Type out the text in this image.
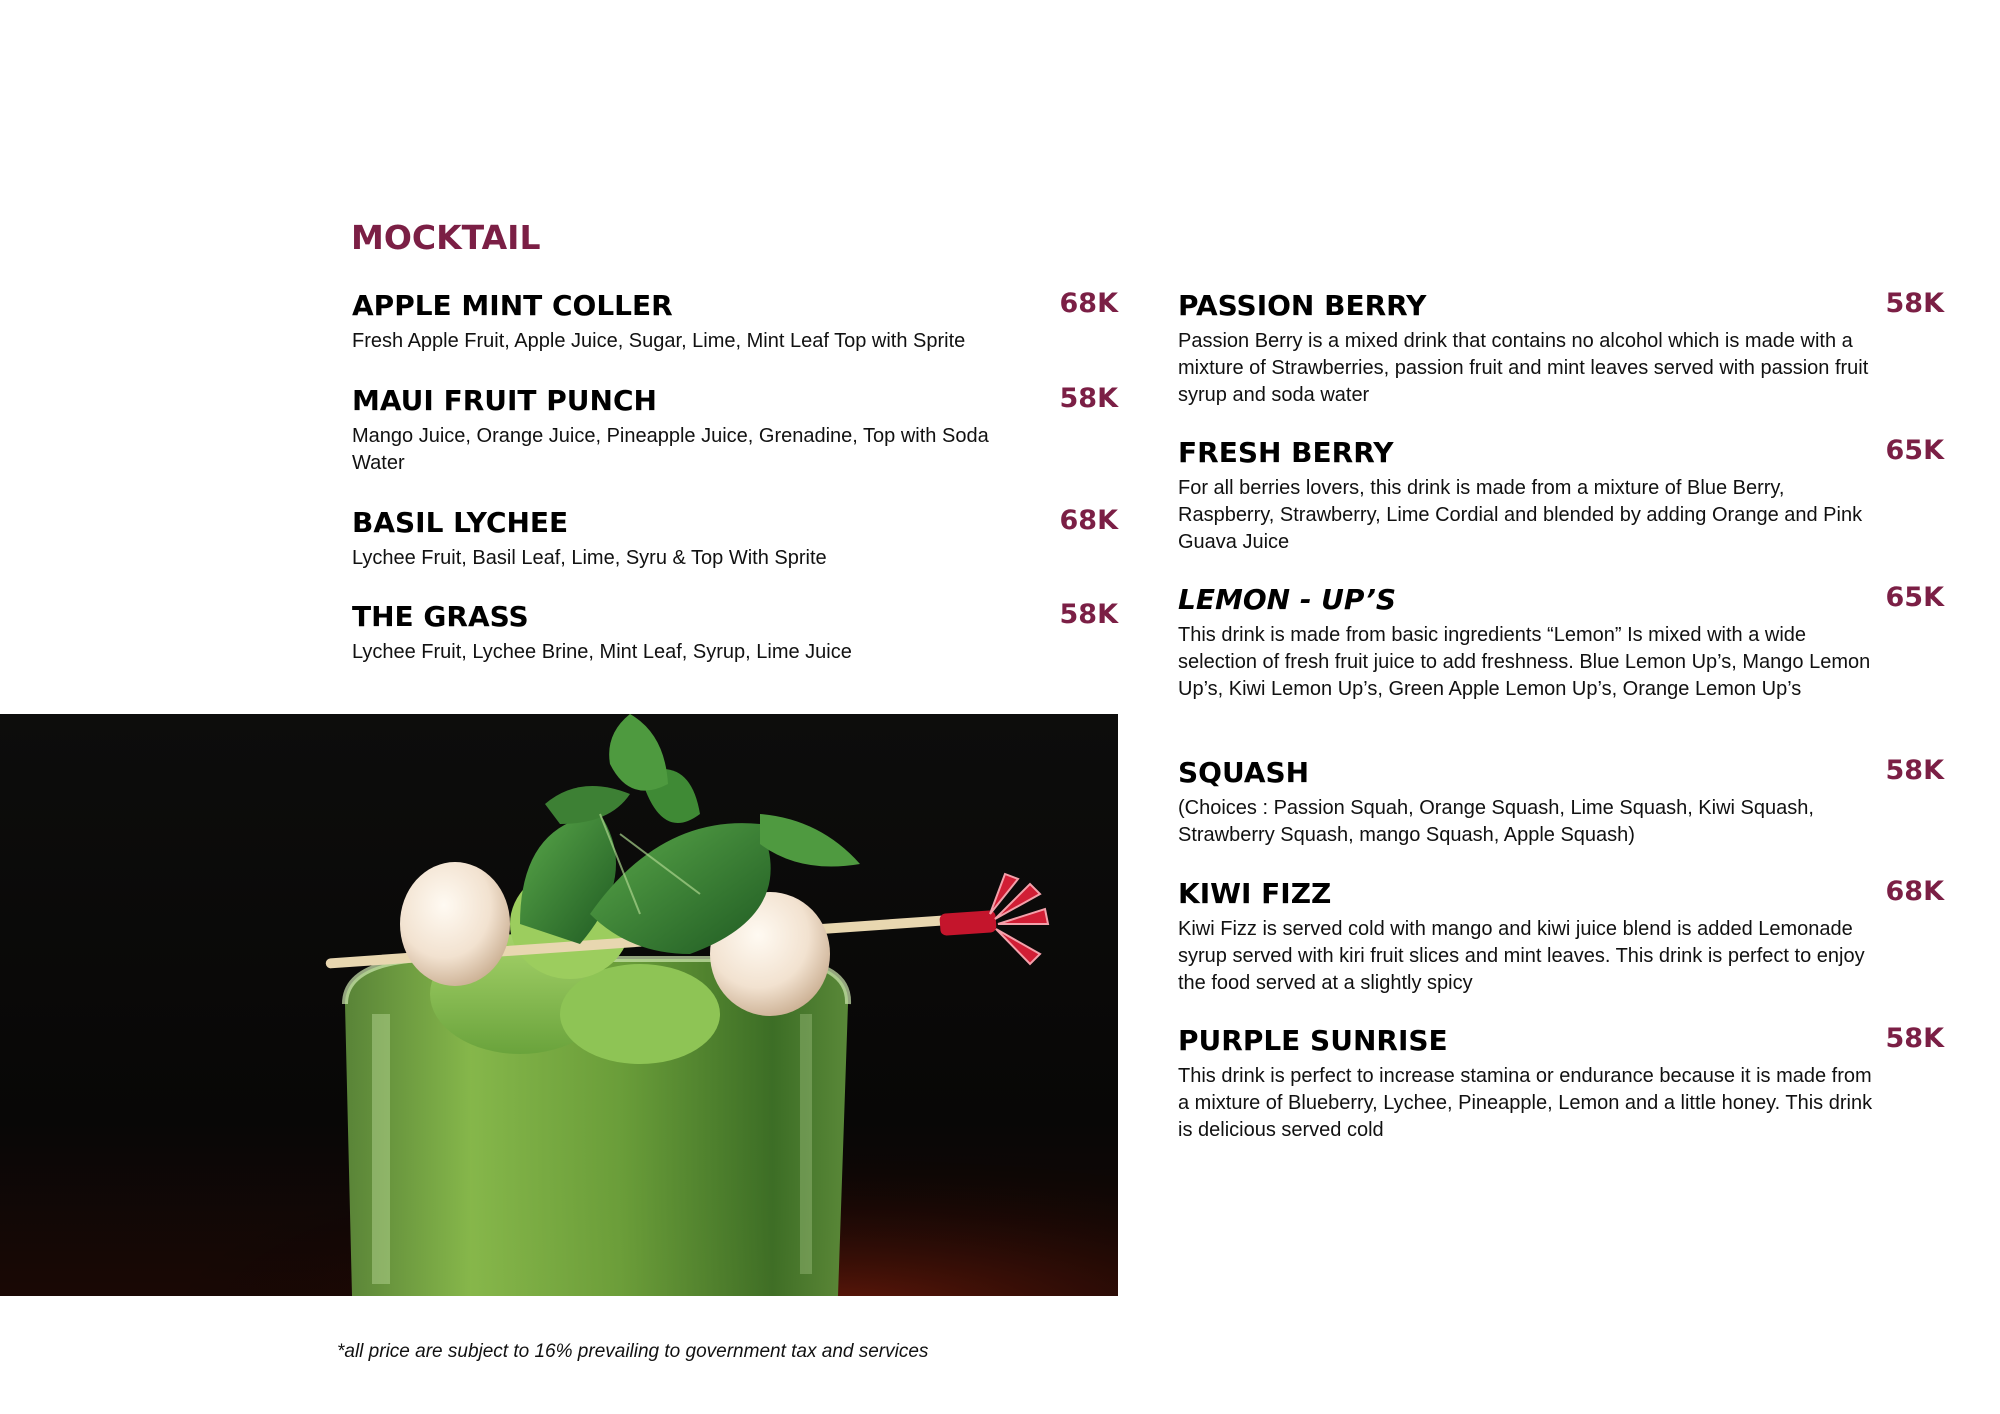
MOCKTAIL
APPLE MINT COLLER	68K

Fresh Apple Fruit, Apple Juice, Sugar, Lime, Mint Leaf Top with Sprite

MAUI FRUIT PUNCH	58K

Mango Juice, Orange Juice, Pineapple Juice, Grenadine, Top with Soda Water

BASIL LYCHEE	68K

Lychee Fruit, Basil Leaf, Lime, Syru & Top With Sprite

THE GRASS	58K

Lychee Fruit, Lychee Brine, Mint Leaf, Syrup, Lime Juice

PASSION BERRY	58K

Passion Berry is a mixed drink that contains no alcohol which is made with a mixture of Strawberries, passion fruit and mint leaves served with passion fruit syrup and soda water

FRESH BERRY	65K

For all berries lovers, this drink is made from a mixture of Blue Berry, Raspberry, Strawberry, Lime Cordial and blended by adding Orange and Pink Guava Juice

LEMON - UP’S	65K

This drink is made from basic ingredients “Lemon” Is mixed with a wide selection of fresh fruit juice to add freshness. Blue Lemon Up’s, Mango Lemon Up’s, Kiwi Lemon Up’s, Green Apple Lemon Up’s, Orange Lemon Up’s

SQUASH	58K

(Choices : Passion Squah, Orange Squash, Lime Squash, Kiwi Squash, Strawberry Squash, mango Squash, Apple Squash)

KIWI FIZZ	68K

Kiwi Fizz is served cold with mango and kiwi juice blend is added Lemonade syrup served with kiri fruit slices and mint leaves. This drink is perfect to enjoy the food served at a slightly spicy

PURPLE SUNRISE	58K

This drink is perfect to increase stamina or endurance because it is made from a mixture of Blueberry, Lychee, Pineapple, Lemon and a little honey. This drink is delicious served cold

*all price are subject to 16% prevailing to government tax and services
